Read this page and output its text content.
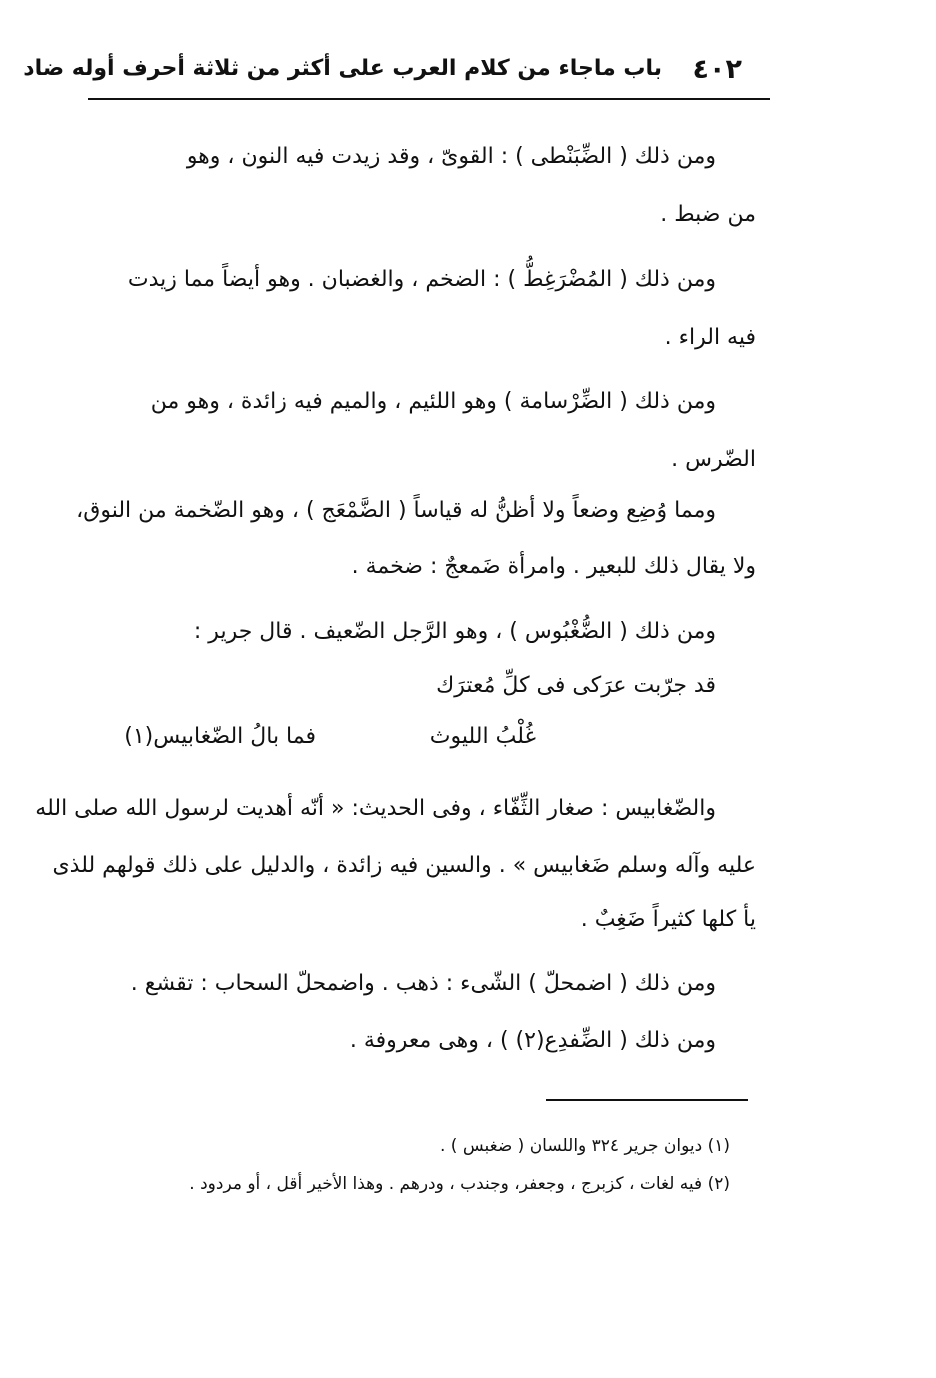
٤٠٢
باب ماجاء من كلام العرب على أكثر من ثلاثة أحرف أوله ضاد
ومن ذلك ( الضِّبَنْطى ) : القوىّ ، وقد زيدت فيه النون ، وهو
من ضبط .
ومن ذلك ( المُضْرَغِطُّ ) : الضخم ، والغضبان . وهو أيضاً مما زيدت
فيه الراء .
ومن ذلك ( الضِّرْسامة ) وهو اللئيم ، والميم فيه زائدة ، وهو من
الضّرس .
ومما وُضِع وضعاً ولا أظنُّ له قياساً ( الضَّمْعَج ) ، وهو الضّخمة من النوق،
ولا يقال ذلك للبعير . وامرأة ضَمعجٌ : ضخمة .
ومن ذلك ( الضُّغْبُوس ) ، وهو الرَّجل الضّعيف . قال جرير :
قد جرّبت عرَكى فى كلِّ مُعترَك
غُلْبُ الليوث
فما بالُ الضّغابيس(١)
والضّغابيس : صغار الثِّفّاء ، وفى الحديث: « أنّه أهديت لرسول الله صلى الله
عليه وآله وسلم ضَغابيس » . والسين فيه زائدة ، والدليل على ذلك قولهم للذى
يأ كلها كثيراً ضَغِبٌ .
ومن ذلك ( اضمحلّ ) الشّىء : ذهب . واضمحلّ السحاب : تقشع .
ومن ذلك ( الضِّفدِع(٢) ) ، وهى معروفة .
(١) ديوان جرير ٣٢٤ واللسان ( ضغبس ) .
(٢) فيه لغات ، كزبرج ، وجعفر، وجندب ، ودرهم . وهذا الأخير أقل ، أو مردود .
